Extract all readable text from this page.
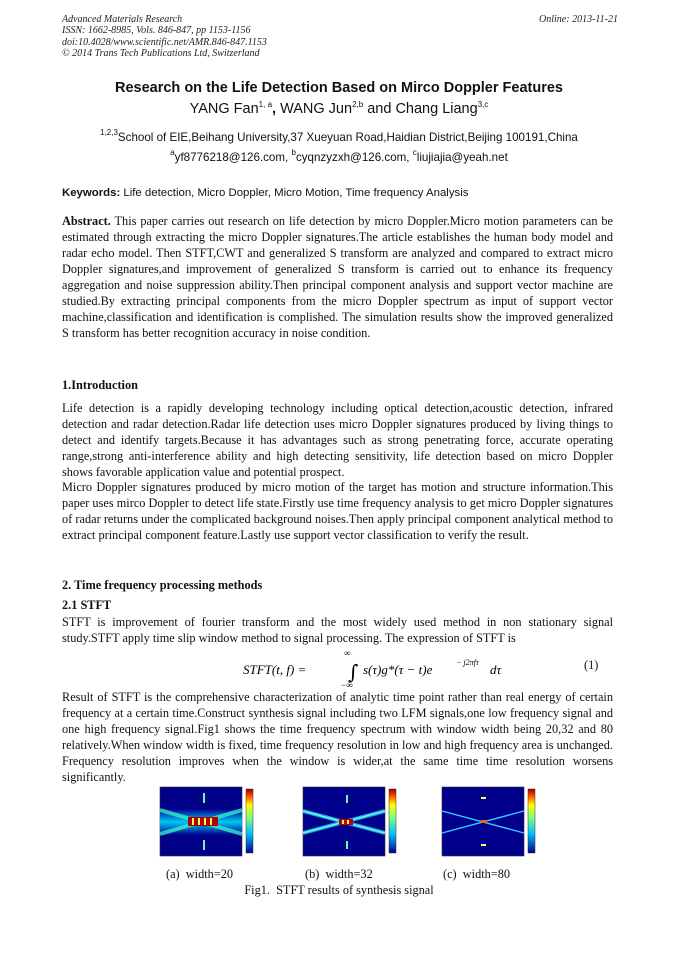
Advanced Materials Research
ISSN: 1662-8985, Vols. 846-847, pp 1153-1156
doi:10.4028/www.scientific.net/AMR.846-847.1153
© 2014 Trans Tech Publications Ltd, Switzerland
Online: 2013-11-21
Research on the Life Detection Based on Mirco Doppler Features
YANG Fan$^{1, a}$, WANG Jun$^{2,b}$ and Chang Liang$^{3,c}$
$^{1,2,3}$School of EIE,Beihang University,37 Xueyuan Road,Haidian District,Beijing 100191,China
$^a$yf8776218@126.com, $^b$cyqnzyzxh@126.com, $^c$liujiajia@yeah.net
Keywords: Life detection, Micro Doppler, Micro Motion, Time frequency Analysis
Abstract. This paper carries out research on life detection by micro Doppler.Micro motion parameters can be estimated through extracting the micro Doppler signatures.The article establishes the human body model and radar echo model. Then STFT,CWT and generalized S transform are analyzed and compared to extract micro Doppler signatures,and improvement of generalized S transform is carried out to enhance its frequency aggregation and noise suppression ability.Then principal component analysis and support vector machine are studied.By extracting principal components from the micro Doppler spectrum as input of support vector machine,classification and identification is complished. The simulation results show the improved generalized S transform has better recognition accuracy in noise condition.
1.Introduction
Life detection is a rapidly developing technology including optical detection,acoustic detection, infrared detection and radar detection.Radar life detection uses micro Doppler signatures produced by living things to detect and identify targets.Because it has advantages such as strong penetrating force, accurate operating range,strong anti-interference ability and high detecting sensitivity, life detection based on micro Doppler shows favorable application value and potential prospect.
Micro Doppler signatures produced by micro motion of the target has motion and structure information.This paper uses mirco Doppler to detect life state.Firstly use time frequency analysis to get micro Doppler signatures of radar returns under the complicated background noises.Then apply principal component analytical method to extract principal component feature.Lastly use support vector classification to verify the result.
2. Time frequency processing methods
2.1 STFT
STFT is improvement of fourier transform and the most widely used method in non stationary signal study.STFT apply time slip window method to signal processing. The expression of STFT is
STFT(t, f) =
∞
∫
−∞
s(τ)g*(τ − t)e	− j2πfτ dτ	(1)
Result of STFT is the comprehensive characterization of analytic time point rather than real energy of certain frequency at a certain time.Construct synthesis signal including two LFM signals,one low frequency signal and one high frequency signal.Fig1 shows the time frequency spectrum with window width being 20,32 and 80 relatively.When window width is fixed, time frequency resolution in low and high frequency area is unchanged. Frequency resolution improves when the window is wider,at the same time time resolution worsens significantly.
(a)  width=20	(b)  width=32	(c)  width=80
Fig1.  STFT results of synthesis signal
